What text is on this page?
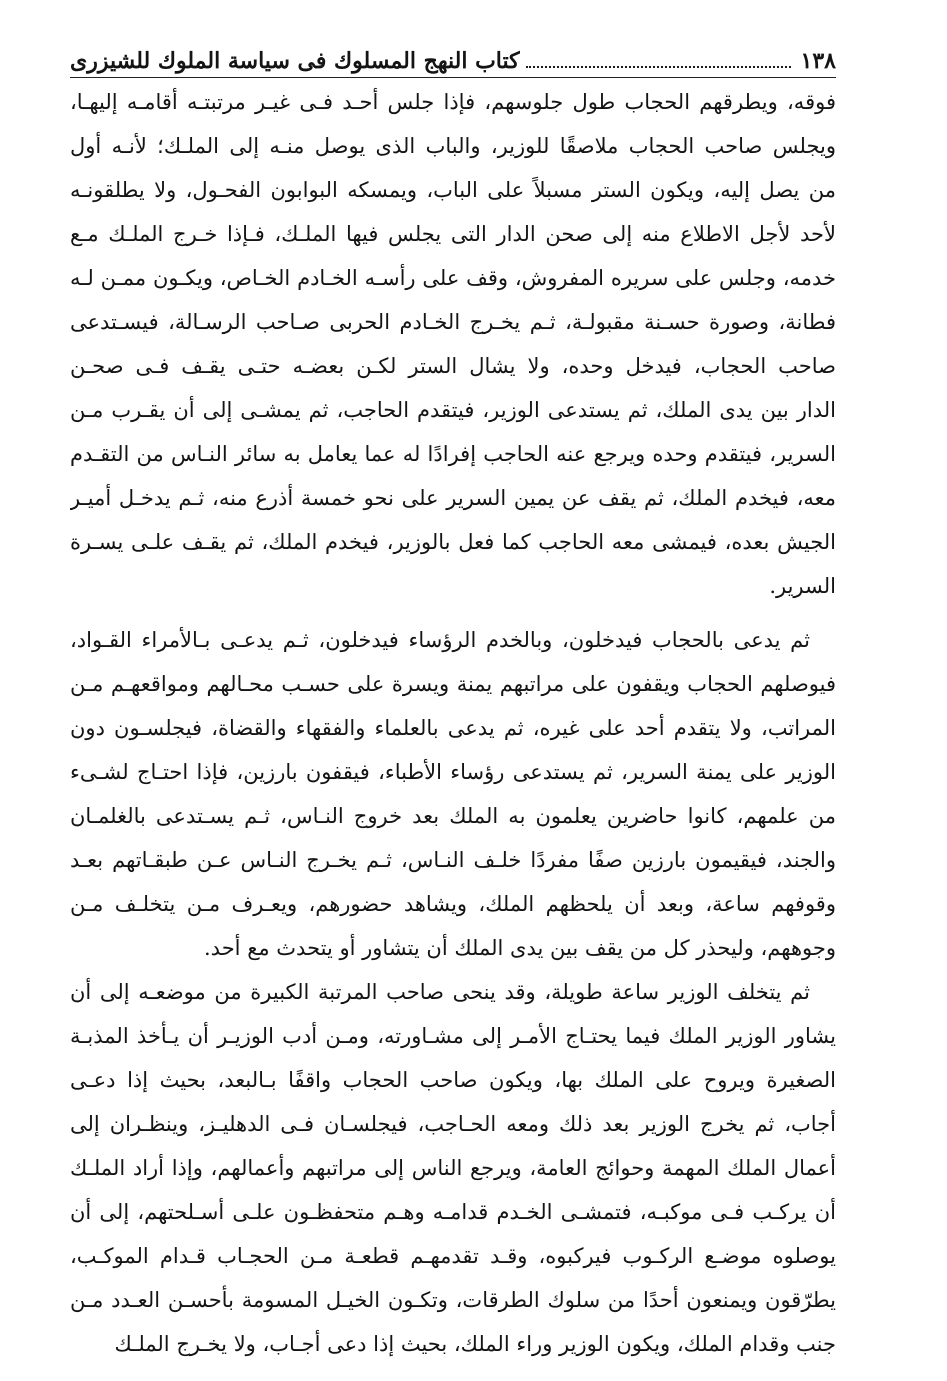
١٣٨
كتاب النهج المسلوك فى سياسة الملوك للشيزرى
فوقه، ويطرقهم الحجاب طول جلوسهم، فإذا جلس أحـد فـى غيـر مرتبتـه أقامـه إليهـا،
ويجلس صاحب الحجاب ملاصقًا للوزير، والباب الذى يوصل منـه إلى الملـك؛ لأنـه أول
من يصل إليه، ويكون الستر مسبلاً على الباب، ويمسكه البوابون الفحـول، ولا يطلقونـه
لأحد لأجل الاطلاع منه إلى صحن الدار التى يجلس فيها الملـك، فـإذا خـرج الملـك مـع
خدمه، وجلس على سريره المفروش، وقف على رأسـه الخـادم الخـاص، ويكـون ممـن لـه
فطانة، وصورة حسـنة مقبولـة، ثـم يخـرج الخـادم الحربى صـاحب الرسـالة، فيسـتدعى
صاحب الحجاب، فيدخل وحده، ولا يشال الستر لكـن بعضـه حتـى يقـف فـى صحـن
الدار بين يدى الملك، ثم يستدعى الوزير، فيتقدم الحاجب، ثم يمشـى إلى أن يقـرب مـن
السرير، فيتقدم وحده ويرجع عنه الحاجب إفرادًا له عما يعامل به سائر النـاس من التقـدم
معه، فيخدم الملك، ثم يقف عن يمين السرير على نحو خمسة أذرع منه، ثـم يدخـل أميـر
الجيش بعده، فيمشى معه الحاجب كما فعل بالوزير، فيخدم الملك، ثم يقـف علـى يسـرة
السرير.
ثم يدعى بالحجاب فيدخلون، وبالخدم الرؤساء فيدخلون، ثـم يدعـى بـالأمراء القـواد،
فيوصلهم الحجاب ويقفون على مراتبهم يمنة ويسرة على حسـب محـالهم ومواقعهـم مـن
المراتب، ولا يتقدم أحد على غيره، ثم يدعى بالعلماء والفقهاء والقضاة، فيجلسـون دون
الوزير على يمنة السرير، ثم يستدعى رؤساء الأطباء، فيقفون بارزين، فإذا احتـاج لشـىء
من علمهم، كانوا حاضرين يعلمون به الملك بعد خروج النـاس، ثـم يسـتدعى بالغلمـان
والجند، فيقيمون بارزين صفًا مفردًا خلـف النـاس، ثـم يخـرج النـاس عـن طبقـاتهم بعـد
وقوفهم ساعة، وبعد أن يلحظهم الملك، ويشاهد حضورهم، ويعـرف مـن يتخلـف مـن
وجوههم، وليحذر كل من يقف بين يدى الملك أن يتشاور أو يتحدث مع أحد.
ثم يتخلف الوزير ساعة طويلة، وقد ينحى صاحب المرتبة الكبيرة من موضعـه إلى أن
يشاور الوزير الملك فيما يحتـاج الأمـر إلى مشـاورته، ومـن أدب الوزيـر أن يـأخذ المذبـة
الصغيرة ويروح على الملك بها، ويكون صاحب الحجاب واقفًا بـالبعد، بحيث إذا دعـى
أجاب، ثم يخرج الوزير بعد ذلك ومعه الحـاجب، فيجلسـان فـى الدهليـز، وينظـران إلى
أعمال الملك المهمة وحوائج العامة، ويرجع الناس إلى مراتبهم وأعمالهم، وإذا أراد الملـك
أن يركـب فـى موكبـه، فتمشـى الخـدم قدامـه وهـم متحفظـون علـى أسـلحتهم، إلى أن
يوصلوه موضـع الركـوب فيركبوه، وقـد تقدمهـم قطعـة مـن الحجـاب قـدام الموكـب،
يطرّقون ويمنعون أحدًا من سلوك الطرقات، وتكـون الخيـل المسومة بأحسـن العـدد مـن
جنب وقدام الملك، ويكون الوزير وراء الملك، بحيث إذا دعى أجـاب، ولا يخـرج الملـك
